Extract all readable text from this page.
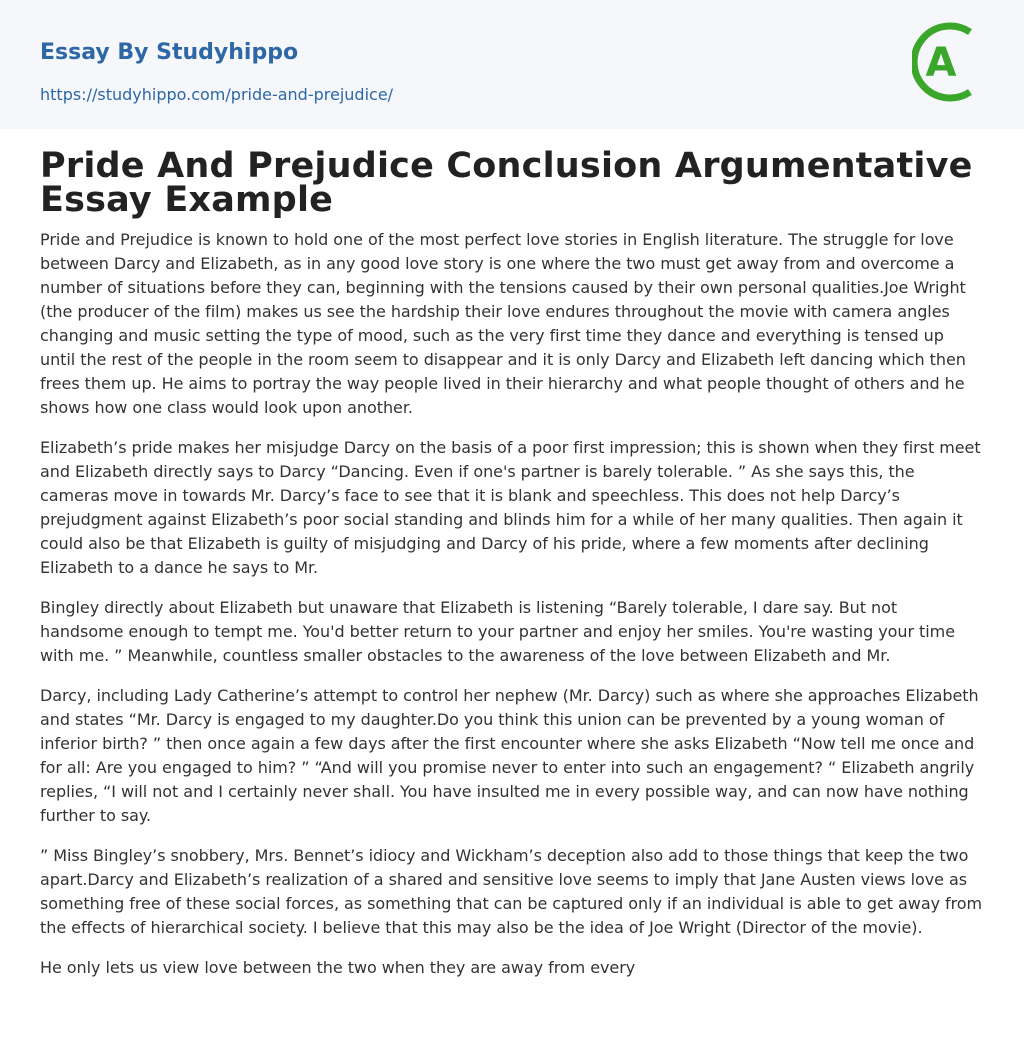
Essay By Studyhippo
https://studyhippo.com/pride-and-prejudice/
A
Pride And Prejudice Conclusion Argumentative Essay Example

Pride and Prejudice is known to hold one of the most perfect love stories in English literature. The struggle for love between Darcy and Elizabeth, as in any good love story is one where the two must get away from and overcome a number of situations before they can, beginning with the tensions caused by their own personal qualities.Joe Wright (the producer of the film) makes us see the hardship their love endures throughout the movie with camera angles changing and music setting the type of mood, such as the very first time they dance and everything is tensed up until the rest of the people in the room seem to disappear and it is only Darcy and Elizabeth left dancing which then frees them up. He aims to portray the way people lived in their hierarchy and what people thought of others and he shows how one class would look upon another.

Elizabeth’s pride makes her misjudge Darcy on the basis of a poor first impression; this is shown when they first meet and Elizabeth directly says to Darcy “Dancing. Even if one's partner is barely tolerable. ” As she says this, the cameras move in towards Mr. Darcy’s face to see that it is blank and speechless. This does not help Darcy’s prejudgment against Elizabeth’s poor social standing and blinds him for a while of her many qualities. Then again it could also be that Elizabeth is guilty of misjudging and Darcy of his pride, where a few moments after declining Elizabeth to a dance he says to Mr.

Bingley directly about Elizabeth but unaware that Elizabeth is listening “Barely tolerable, I dare say. But not handsome enough to tempt me. You'd better return to your partner and enjoy her smiles. You're wasting your time with me. ” Meanwhile, countless smaller obstacles to the awareness of the love between Elizabeth and Mr.

Darcy, including Lady Catherine’s attempt to control her nephew (Mr. Darcy) such as where she approaches Elizabeth and states “Mr. Darcy is engaged to my daughter.Do you think this union can be prevented by a young woman of inferior birth? ” then once again a few days after the first encounter where she asks Elizabeth “Now tell me once and for all: Are you engaged to him? ” “And will you promise never to enter into such an engagement? “ Elizabeth angrily replies, “I will not and I certainly never shall. You have insulted me in every possible way, and can now have nothing further to say.

” Miss Bingley’s snobbery, Mrs. Bennet’s idiocy and Wickham’s deception also add to those things that keep the two apart.Darcy and Elizabeth’s realization of a shared and sensitive love seems to imply that Jane Austen views love as something free of these social forces, as something that can be captured only if an individual is able to get away from the effects of hierarchical society. I believe that this may also be the idea of Joe Wright (Director of the movie).

He only lets us view love between the two when they are away from every
